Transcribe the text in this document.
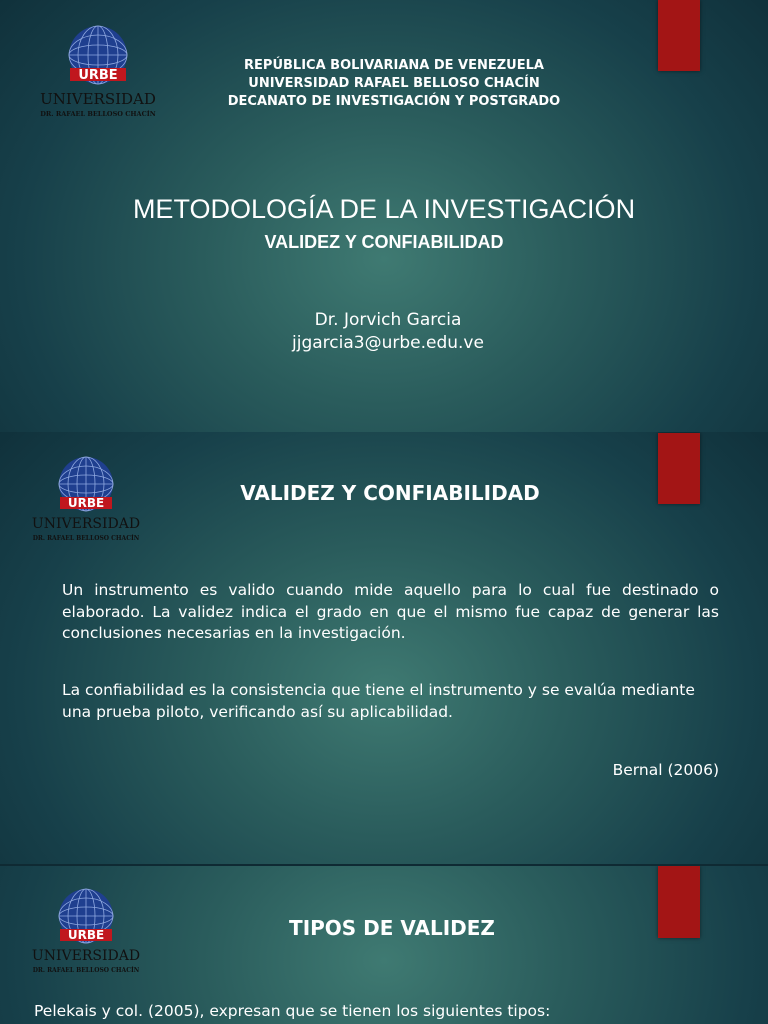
URBE
UNIVERSIDAD
DR. RAFAEL BELLOSO CHACÍN
REPÚBLICA BOLIVARIANA DE VENEZUELA
UNIVERSIDAD RAFAEL BELLOSO CHACÍN
DECANATO DE INVESTIGACIÓN Y POSTGRADO
METODOLOGÍA DE LA INVESTIGACIÓN
VALIDEZ Y CONFIABILIDAD
Dr. Jorvich Garcia
jjgarcia3@urbe.edu.ve
URBE
UNIVERSIDAD
DR. RAFAEL BELLOSO CHACÍN
VALIDEZ Y CONFIABILIDAD
Un instrumento es valido cuando mide aquello para lo cual fue destinado o elaborado. La validez indica el grado en que el mismo fue capaz de generar las conclusiones necesarias en la investigación.
La confiabilidad es la consistencia que tiene el instrumento y se evalúa mediante una prueba piloto, verificando así su aplicabilidad.
Bernal (2006)
URBE
UNIVERSIDAD
DR. RAFAEL BELLOSO CHACÍN
TIPOS DE VALIDEZ
Pelekais y col. (2005), expresan que se tienen los siguientes tipos:
